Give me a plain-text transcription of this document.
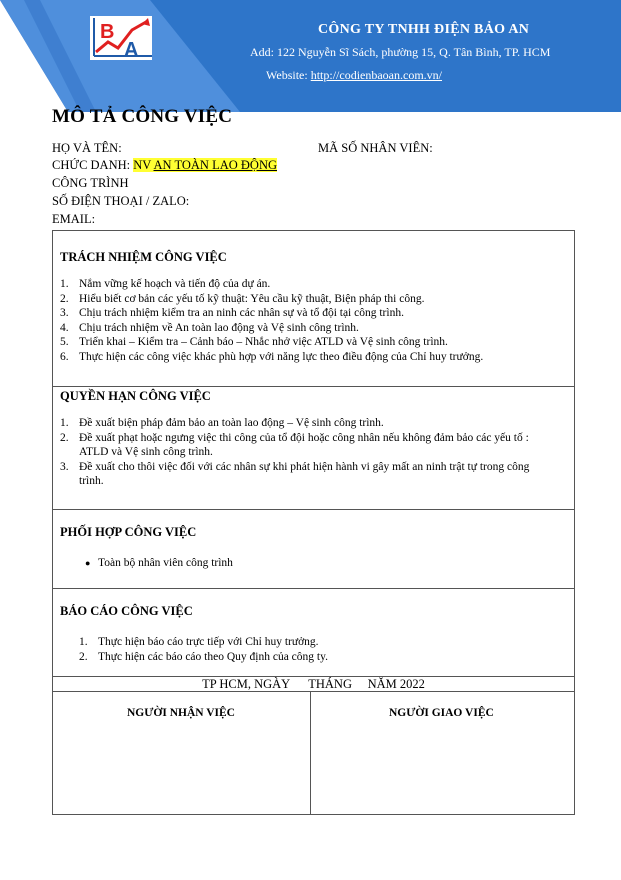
B
A
CÔNG TY TNHH ĐIỆN BẢO AN
Add: 122 Nguyễn Sĩ Sách, phường 15, Q. Tân Bình, TP. HCM
Website: http://codienbaoan.com.vn/
MÔ TẢ CÔNG VIỆC
HỌ VÀ TÊN:	MÃ SỐ NHÂN VIÊN:
CHỨC DANH: NV AN TOÀN LAO ĐỘNG
CÔNG TRÌNH
SỐ ĐIỆN THOẠI / ZALO:
EMAIL:
TRÁCH NHIỆM CÔNG VIỆC
1. Nắm vững kế hoạch và tiến độ của dự án.
2. Hiểu biết cơ bản các yếu tố kỹ thuật: Yêu cầu kỹ thuật, Biện pháp thi công.
3. Chịu trách nhiệm kiểm tra an ninh các nhân sự và tổ đội tại công trình.
4. Chịu trách nhiệm về An toàn lao động và Vệ sinh công trình.
5. Triển khai – Kiểm tra – Cảnh báo – Nhắc nhở việc ATLD và Vệ sinh công trình.
6. Thực hiện các công việc khác phù hợp với năng lực theo điều động của Chỉ huy trưởng.
QUYỀN HẠN CÔNG VIỆC
1. Đề xuất biện pháp đảm bảo an toàn lao động – Vệ sinh công trình.
2. Đề xuất phạt hoặc ngưng việc thi công của tổ đội hoặc công nhân nếu không đảm bảo các yếu tố : ATLD và Vệ sinh công trình.
3. Đề xuất cho thôi việc đối với các nhân sự khi phát hiện hành vi gây mất an ninh trật tự trong công trình.
PHỐI HỢP CÔNG VIỆC
● Toàn bộ nhân viên công trình
BÁO CÁO CÔNG VIỆC
1. Thực hiện báo cáo trực tiếp với Chỉ huy trưởng.
2. Thực hiện các báo cáo theo Quy định của công ty.
TP HCM, NGÀY      THÁNG     NĂM 2022
NGƯỜI NHẬN VIỆC	NGƯỜI GIAO VIỆC
